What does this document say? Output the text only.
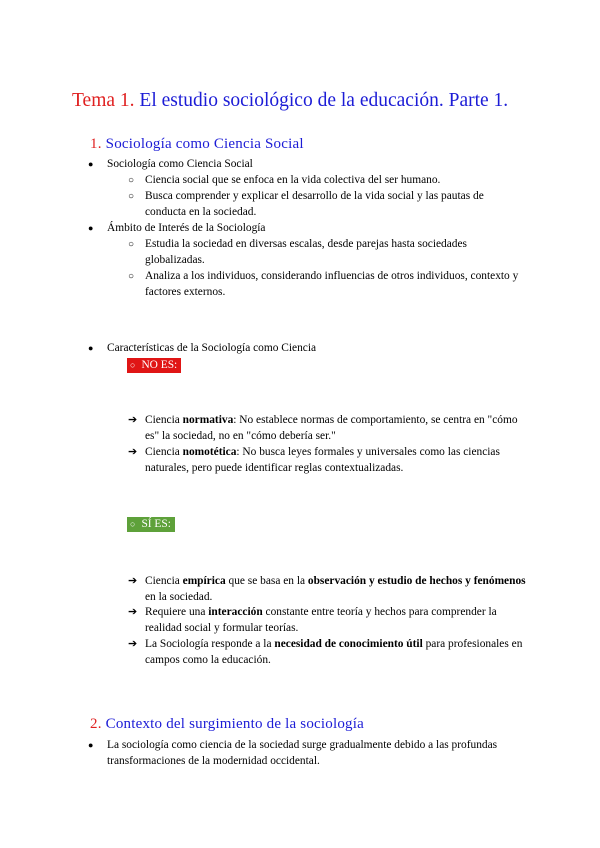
Tema 1. El estudio sociológico de la educación. Parte 1.
1. Sociología como Ciencia Social
● Sociología como Ciencia Social
○ Ciencia social que se enfoca en la vida colectiva del ser humano.
○ Busca comprender y explicar el desarrollo de la vida social y las pautas de conducta en la sociedad.
● Ámbito de Interés de la Sociología
○ Estudia la sociedad en diversas escalas, desde parejas hasta sociedades globalizadas.
○ Analiza a los individuos, considerando influencias de otros individuos, contexto y factores externos.
● Características de la Sociología como Ciencia
○ NO ES:
➔ Ciencia normativa: No establece normas de comportamiento, se centra en "cómo es" la sociedad, no en "cómo debería ser."
➔ Ciencia nomotética: No busca leyes formales y universales como las ciencias naturales, pero puede identificar reglas contextualizadas.
○ SÍ ES:
➔ Ciencia empírica que se basa en la observación y estudio de hechos y fenómenos en la sociedad.
➔ Requiere una interacción constante entre teoría y hechos para comprender la realidad social y formular teorías.
➔ La Sociología responde a la necesidad de conocimiento útil para profesionales en campos como la educación.
2. Contexto del surgimiento de la sociología
● La sociología como ciencia de la sociedad surge gradualmente debido a las profundas transformaciones de la modernidad occidental.
